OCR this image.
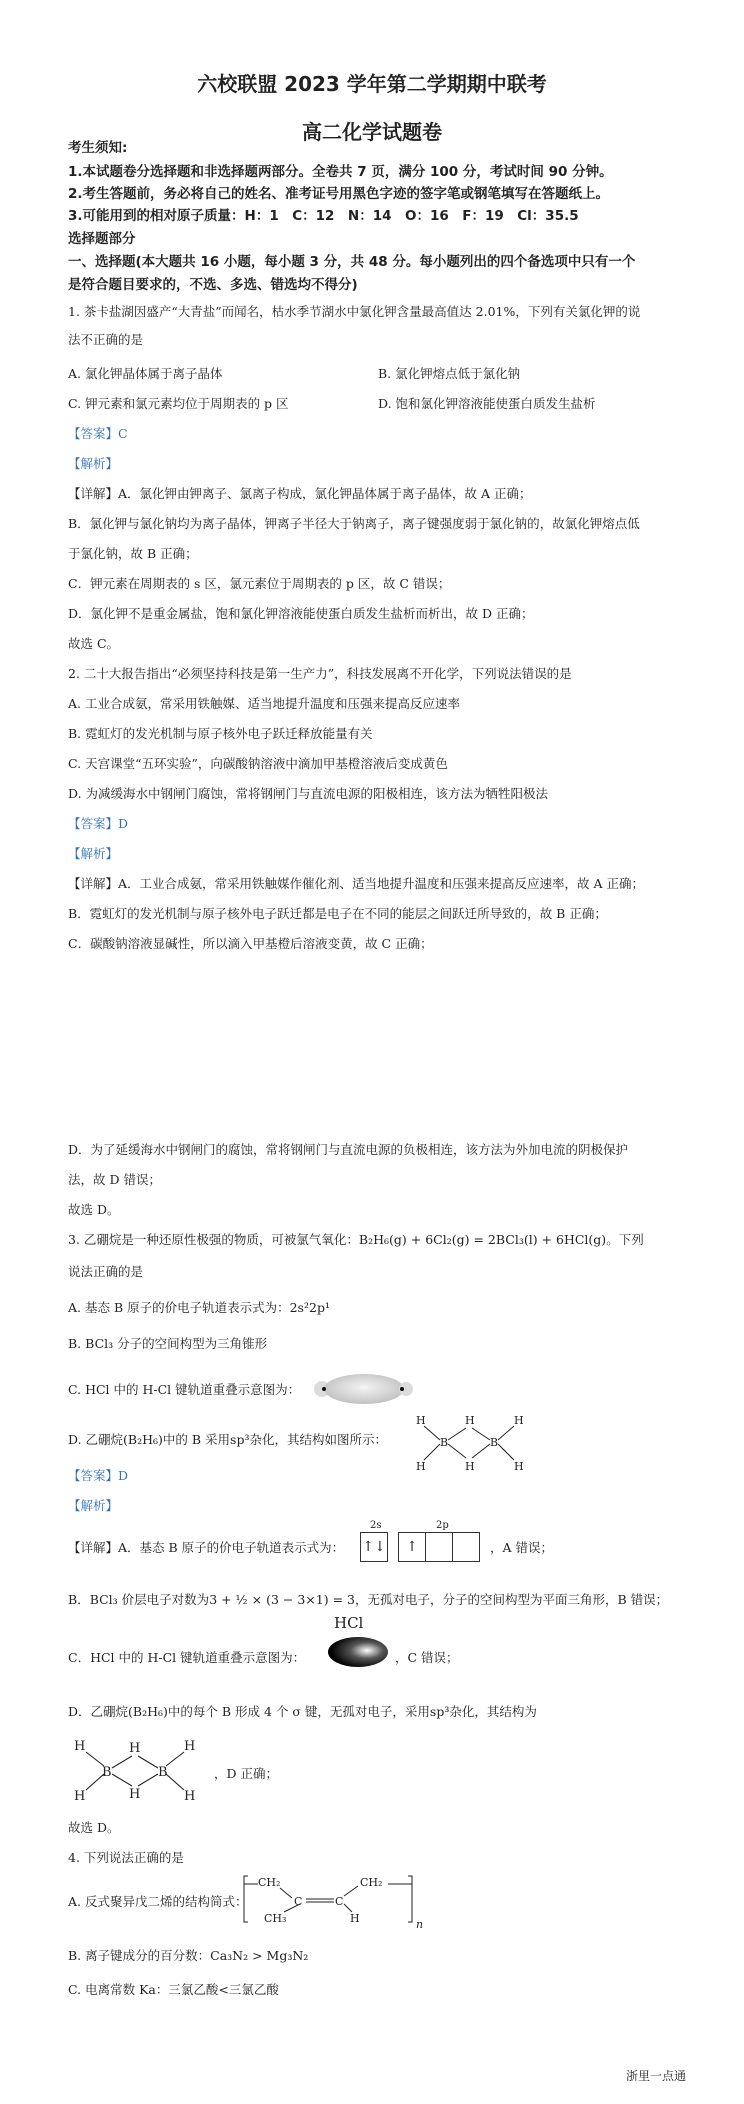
六校联盟 2023 学年第二学期期中联考
高二化学试题卷
考生须知:
1.本试题卷分选择题和非选择题两部分。全卷共 7 页，满分 100 分，考试时间 90 分钟。
2.考生答题前，务必将自己的姓名、准考证号用黑色字迹的签字笔或钢笔填写在答题纸上。
3.可能用到的相对原子质量：H：1　C：12　N：14　O：16　F：19　Cl：35.5
选择题部分
一、选择题(本大题共 16 小题，每小题 3 分，共 48 分。每小题列出的四个备选项中只有一个
是符合题目要求的，不选、多选、错选均不得分)
1. 茶卡盐湖因盛产“大青盐”而闻名，枯水季节湖水中氯化钾含量最高值达 2.01%，下列有关氯化钾的说
法不正确的是
A. 氯化钾晶体属于离子晶体	B. 氯化钾熔点低于氯化钠
C. 钾元素和氯元素均位于周期表的 p 区	D. 饱和氯化钾溶液能使蛋白质发生盐析
【答案】C
【解析】
【详解】A．氯化钾由钾离子、氯离子构成，氯化钾晶体属于离子晶体，故 A 正确；
B．氯化钾与氯化钠均为离子晶体，钾离子半径大于钠离子，离子键强度弱于氯化钠的，故氯化钾熔点低
于氯化钠，故 B 正确；
C．钾元素在周期表的 s 区，氯元素位于周期表的 p 区，故 C 错误；
D．氯化钾不是重金属盐，饱和氯化钾溶液能使蛋白质发生盐析而析出，故 D 正确；
故选 C。
2. 二十大报告指出“必须坚持科技是第一生产力”，科技发展离不开化学，下列说法错误的是
A. 工业合成氨，常采用铁触媒、适当地提升温度和压强来提高反应速率
B. 霓虹灯的发光机制与原子核外电子跃迁释放能量有关
C. 天宫课堂“五环实验”，向碳酸钠溶液中滴加甲基橙溶液后变成黄色
D. 为减缓海水中钢闸门腐蚀，常将钢闸门与直流电源的阳极相连，该方法为牺牲阳极法
【答案】D
【解析】
【详解】A．工业合成氨，常采用铁触媒作催化剂、适当地提升温度和压强来提高反应速率，故 A 正确；
B．霓虹灯的发光机制与原子核外电子跃迁都是电子在不同的能层之间跃迁所导致的，故 B 正确；
C．碳酸钠溶液显碱性，所以滴入甲基橙后溶液变黄，故 C 正确；
D．为了延缓海水中钢闸门的腐蚀，常将钢闸门与直流电源的负极相连，该方法为外加电流的阴极保护
法，故 D 错误；
故选 D。
3. 乙硼烷是一种还原性极强的物质，可被氯气氧化：B₂H₆(g) + 6Cl₂(g) = 2BCl₃(l) + 6HCl(g)。下列
说法正确的是
A. 基态 B 原子的价电子轨道表示式为：2s²2p¹
B. BCl₃ 分子的空间构型为三角锥形
C. HCl 中的 H-Cl 键轨道重叠示意图为：
D. 乙硼烷(B₂H₆)中的 B 采用sp³杂化，其结构如图所示：
H
H
B
H
H
B
H
H
【答案】D
【解析】
【详解】A．基态 B 原子的价电子轨道表示式为：
2s	2p
↑↓	↑	，A 错误；
B．BCl₃ 价层电子对数为3 + ½ × (3 − 3×1) = 3，无孤对电子，分子的空间构型为平面三角形，B 错误；
C．HCl 中的 H-Cl 键轨道重叠示意图为：
HCl
，C 错误；
D．乙硼烷(B₂H₆)中的每个 B 形成 4 个 σ 键，无孤对电子，采用sp³杂化，其结构为
H
H
B
H
H
B
H
H
，D 正确；
故选 D。
4. 下列说法正确的是
A. 反式聚异戊二烯的结构简式：
CH₂
C
CH₃
C
CH₂
H	n
B. 离子键成分的百分数：Ca₃N₂ > Mg₃N₂
C. 电离常数 Ka：三氯乙酸<三氯乙酸
浙里一点通
